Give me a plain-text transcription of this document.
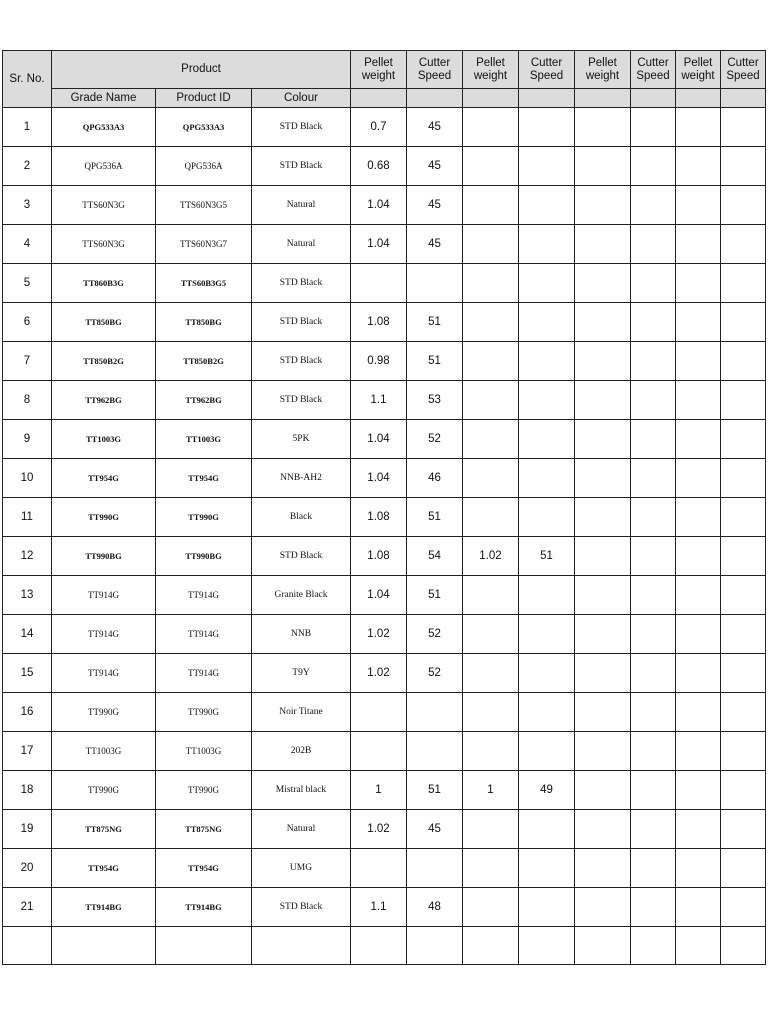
Sr. No.	Product			Pellet weight	Cutter Speed	Pellet weight	Cutter Speed	Pellet weight	Cutter Speed	Pellet weight	Cutter Speed
	Grade Name	Product ID	Colour								
1	QPG533A3	QPG533A3	STD Black	0.7	45						
2	QPG536A	QPG536A	STD Black	0.68	45						
3	TTS60N3G	TTS60N3G5	Natural	1.04	45						
4	TTS60N3G	TTS60N3G7	Natural	1.04	45						
5	TT860B3G	TTS60B3G5	STD Black								
6	TT850BG	TT850BG	STD Black	1.08	51						
7	TT850B2G	TT850B2G	STD Black	0.98	51						
8	TT962BG	TT962BG	STD Black	1.1	53						
9	TT1003G	TT1003G	5PK	1.04	52						
10	TT954G	TT954G	NNB-AH2	1.04	46						
11	TT990G	TT990G	Black	1.08	51						
12	TT990BG	TT990BG	STD Black	1.08	54	1.02	51				
13	TT914G	TT914G	Granite Black	1.04	51						
14	TT914G	TT914G	NNB	1.02	52						
15	TT914G	TT914G	T9Y	1.02	52						
16	TT990G	TT990G	Noir Titane								
17	TT1003G	TT1003G	202B								
18	TT990G	TT990G	Mistral black	1	51	1	49				
19	TT875NG	TT875NG	Natural	1.02	45						
20	TT954G	TT954G	UMG								
21	TT914BG	TT914BG	STD Black	1.1	48						
